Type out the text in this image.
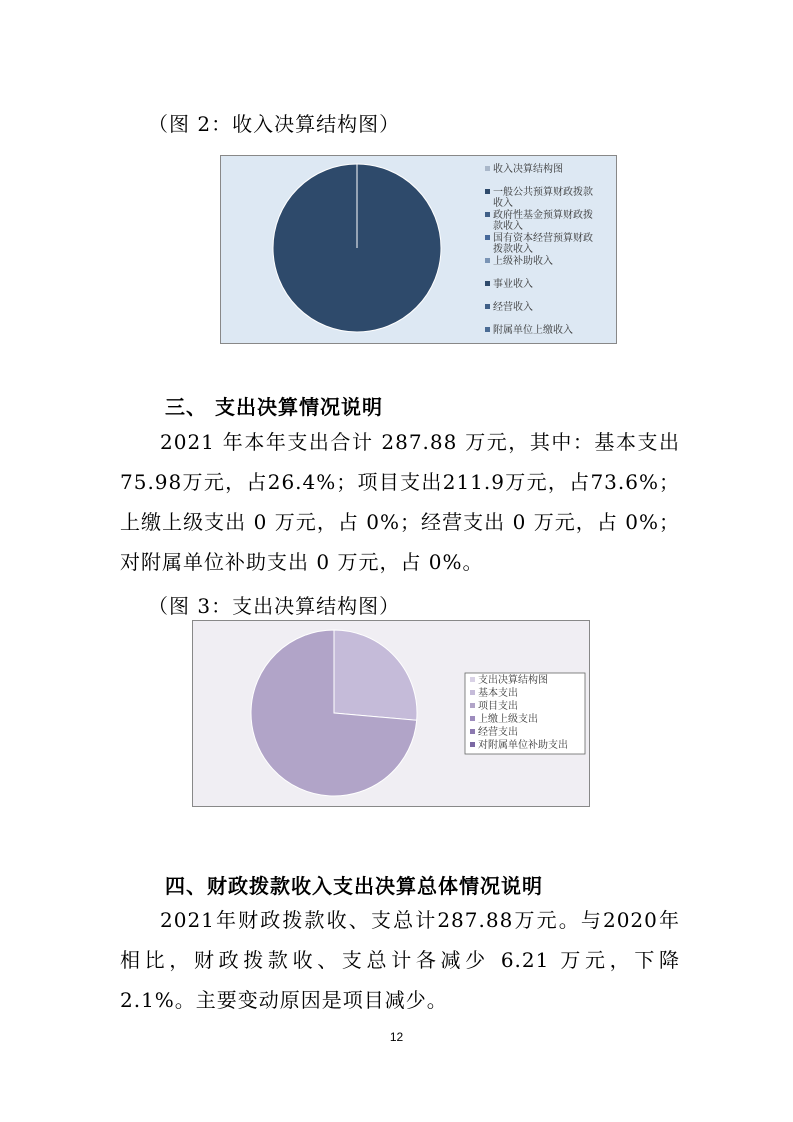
（图 2：收入决算结构图）
收入决算结构图
一般公共预算财政拨款
收入
政府性基金预算财政拨
款收入
国有资本经营预算财政
拨款收入
上级补助收入
事业收入
经营收入
附属单位上缴收入
三、 支出决算情况说明

2021 年本年支出合计 287.88 万元，其中：基本支出75.98万元，占26.4%；项目支出211.9万元，占73.6%；上缴上级支出 0 万元，占 0%；经营支出 0 万元，占 0%；对附属单位补助支出 0 万元，占 0%。

（图 3：支出决算结构图）
支出决算结构图
基本支出
项目支出
上缴上级支出
经营支出
对附属单位补助支出
四、财政拨款收入支出决算总体情况说明

2021年财政拨款收、支总计287.88万元。与2020年相比，财政拨款收、支总计各减少 6.21 万元，下降 2.1%。主要变动原因是项目减少。

12
